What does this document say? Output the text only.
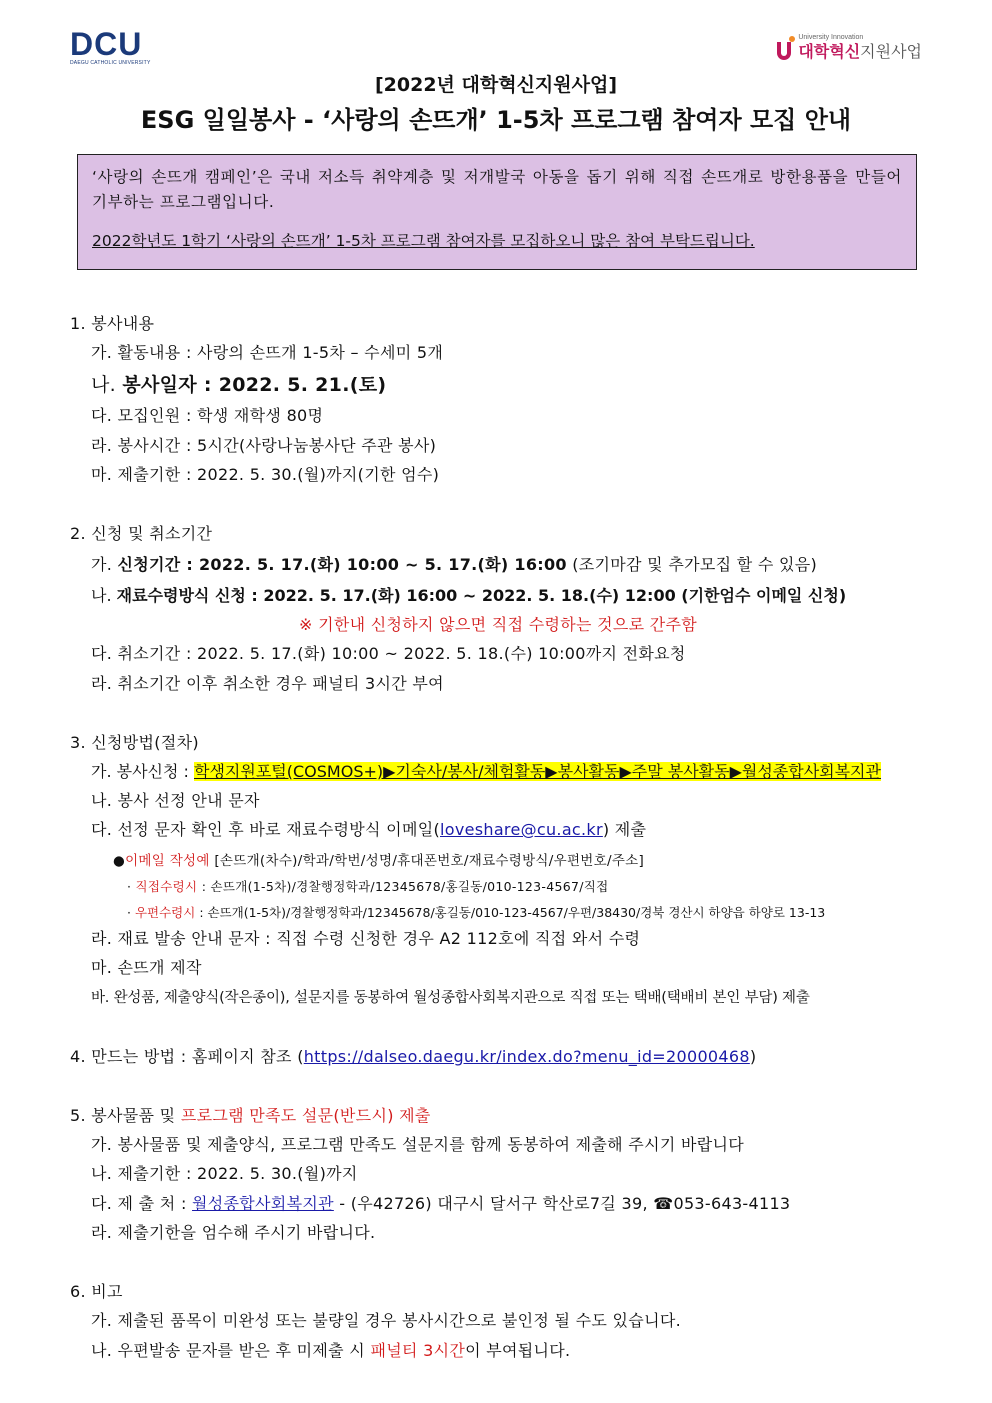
DCU
DAEGU CATHOLIC UNIVERSITY
University Innovation
대학혁신지원사업
[2022년 대학혁신지원사업]
ESG 일일봉사 - ‘사랑의 손뜨개’ 1-5차 프로그램 참여자 모집 안내
‘사랑의 손뜨개 캠페인’은 국내 저소득 취약계층 및 저개발국 아동을 돕기 위해 직접 손뜨개로 방한용품을 만들어 기부하는 프로그램입니다.
2022학년도 1학기 ‘사랑의 손뜨개’ 1-5차 프로그램 참여자를 모집하오니 많은 참여 부탁드립니다.
1. 봉사내용
가. 활동내용 : 사랑의 손뜨개 1-5차 – 수세미 5개
나. 봉사일자 : 2022. 5. 21.(토)
다. 모집인원 : 학생 재학생 80명
라. 봉사시간 : 5시간(사랑나눔봉사단 주관 봉사)
마. 제출기한 : 2022. 5. 30.(월)까지(기한 엄수)
2. 신청 및 취소기간
가. 신청기간 : 2022. 5. 17.(화) 10:00 ~ 5. 17.(화) 16:00 (조기마감 및 추가모집 할 수 있음)
나. 재료수령방식 신청 : 2022. 5. 17.(화) 16:00 ~ 2022. 5. 18.(수) 12:00 (기한엄수 이메일 신청)
※ 기한내 신청하지 않으면 직접 수령하는 것으로 간주함
다. 취소기간 : 2022. 5. 17.(화) 10:00 ~ 2022. 5. 18.(수) 10:00까지 전화요청
라. 취소기간 이후 취소한 경우 패널티 3시간 부여
3. 신청방법(절차)
가. 봉사신청 : 학생지원포털(COSMOS+)▶기숙사/봉사/체험활동▶봉사활동▶주말 봉사활동▶월성종합사회복지관
나. 봉사 선정 안내 문자
다. 선정 문자 확인 후 바로 재료수령방식 이메일(loveshare@cu.ac.kr) 제출
●이메일 작성예 [손뜨개(차수)/학과/학번/성명/휴대폰번호/재료수령방식/우편번호/주소]
· 직접수령시 : 손뜨개(1-5차)/경찰행정학과/12345678/홍길동/010-123-4567/직접
· 우편수령시 : 손뜨개(1-5차)/경찰행정학과/12345678/홍길동/010-123-4567/우편/38430/경북 경산시 하양읍 하양로 13-13
라. 재료 발송 안내 문자 : 직접 수령 신청한 경우 A2 112호에 직접 와서 수령
마. 손뜨개 제작
바. 완성품, 제출양식(작은종이), 설문지를 동봉하여 월성종합사회복지관으로 직접 또는 택배(택배비 본인 부담) 제출
4. 만드는 방법 : 홈페이지 참조 (https://dalseo.daegu.kr/index.do?menu_id=20000468)
5. 봉사물품 및 프로그램 만족도 설문(반드시) 제출
가. 봉사물품 및 제출양식, 프로그램 만족도 설문지를 함께 동봉하여 제출해 주시기 바랍니다
나. 제출기한 : 2022. 5. 30.(월)까지
다. 제 출 처 : 월성종합사회복지관 - (우42726) 대구시 달서구 학산로7길 39, ☎053-643-4113
라. 제출기한을 엄수해 주시기 바랍니다.
6. 비고
가. 제출된 품목이 미완성 또는 불량일 경우 봉사시간으로 불인정 될 수도 있습니다.
나. 우편발송 문자를 받은 후 미제출 시 패널티 3시간이 부여됩니다.
